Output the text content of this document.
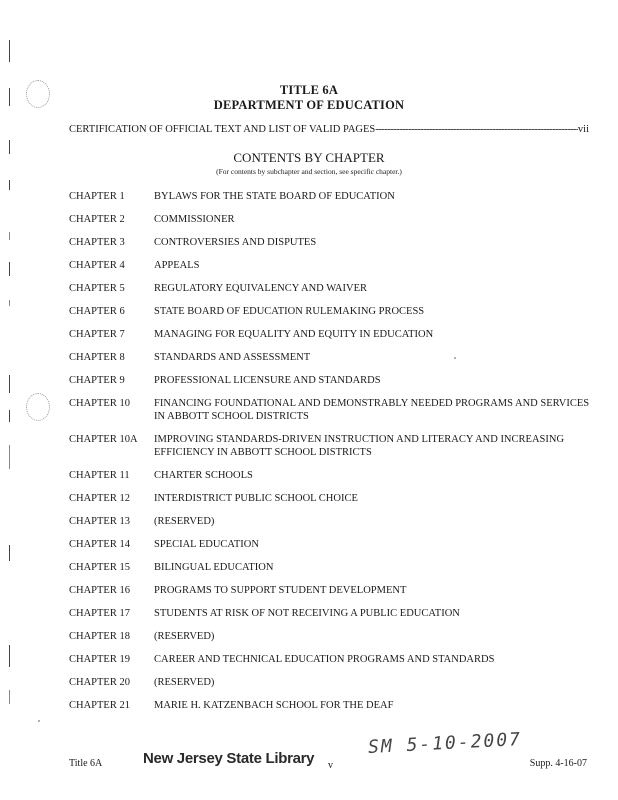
TITLE 6A
DEPARTMENT OF EDUCATION
CERTIFICATION OF OFFICIAL TEXT AND LIST OF VALID PAGES
-----	vii
CONTENTS BY CHAPTER
(For contents by subchapter and section, see specific chapter.)
CHAPTER 1	BYLAWS FOR THE STATE BOARD OF EDUCATION
CHAPTER 2	COMMISSIONER
CHAPTER 3	CONTROVERSIES AND DISPUTES
CHAPTER 4	APPEALS
CHAPTER 5	REGULATORY EQUIVALENCY AND WAIVER
CHAPTER 6	STATE BOARD OF EDUCATION RULEMAKING PROCESS
CHAPTER 7	MANAGING FOR EQUALITY AND EQUITY IN EDUCATION
CHAPTER 8	STANDARDS AND ASSESSMENT
CHAPTER 9	PROFESSIONAL LICENSURE AND STANDARDS
CHAPTER 10	FINANCING FOUNDATIONAL AND DEMONSTRABLY NEEDED PROGRAMS AND SERVICES IN ABBOTT SCHOOL DISTRICTS
CHAPTER 10A	IMPROVING STANDARDS-DRIVEN INSTRUCTION AND LITERACY AND INCREASING EFFICIENCY IN ABBOTT SCHOOL DISTRICTS
CHAPTER 11	CHARTER SCHOOLS
CHAPTER 12	INTERDISTRICT PUBLIC SCHOOL CHOICE
CHAPTER 13	(RESERVED)
CHAPTER 14	SPECIAL EDUCATION
CHAPTER 15	BILINGUAL EDUCATION
CHAPTER 16	PROGRAMS TO SUPPORT STUDENT DEVELOPMENT
CHAPTER 17	STUDENTS AT RISK OF NOT RECEIVING A PUBLIC EDUCATION
CHAPTER 18	(RESERVED)
CHAPTER 19	CAREER AND TECHNICAL EDUCATION PROGRAMS AND STANDARDS
CHAPTER 20	(RESERVED)
CHAPTER 21	MARIE H. KATZENBACH SCHOOL FOR THE DEAF
Title 6A	New Jersey State Library v
SM 5-10-2007
Supp. 4-16-07
